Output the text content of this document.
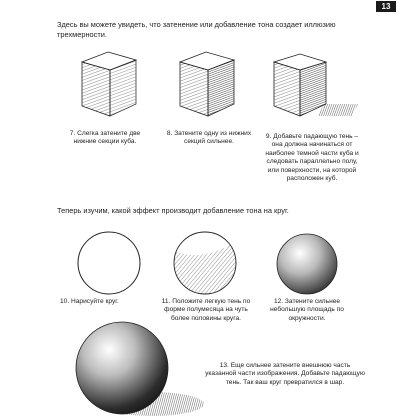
13
Здесь вы можете увидеть, что затенение или добавление тона создает иллюзию трехмерности.
7. Слегка затените две нижние секции куба.
8. Затените одну из нижних секций сильнее.
9. Добавьте падающую тень – она должна начинаться от наиболее темной части куба и следовать параллельно полу, или поверхности, на которой расположен куб.
Теперь изучим, какой эффект производит добавление тона на круг.
10. Нарисуйте круг.	11. Положите легкую тень по форме полумесяца на чуть более половины круга.
12. Затените сильнее небольшую площадь по окружности.
13. Еще сильнее затените внешнюю часть указанной части изображения. Добавьте падающую тень. Так ваш круг превратился в шар.
